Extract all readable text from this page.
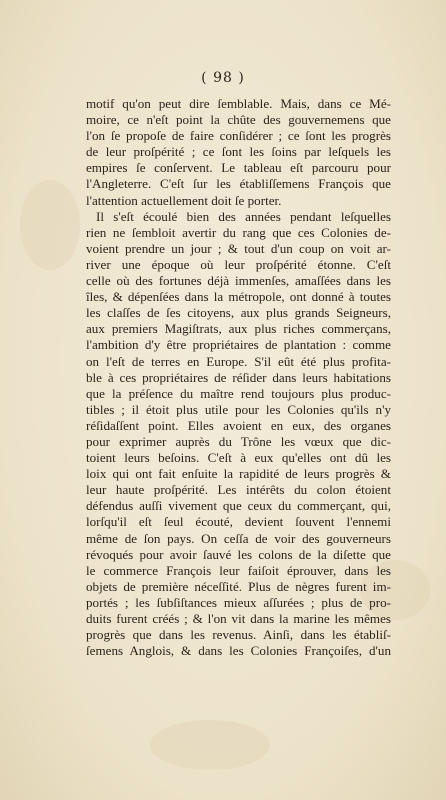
( 98 )
motif qu'on peut dire ſemblable. Mais, dans ce Mé-
moire, ce n'eſt point la chûte des gouvernemens que
l'on ſe propoſe de faire conſidérer ; ce ſont les progrès
de leur proſpérité ; ce ſont les ſoins par leſquels les
empires ſe conſervent. Le tableau eſt parcouru pour
l'Angleterre. C'eſt ſur les établiſſemens François que
l'attention actuellement doit ſe porter.
Il s'eſt écoulé bien des années pendant leſquelles
rien ne ſembloit avertir du rang que ces Colonies de-
voient prendre un jour ; & tout d'un coup on voit ar-
river une époque où leur proſpérité étonne. C'eſt
celle où des fortunes déjà immenſes, amaſſées dans les
îles, & dépenſées dans la métropole, ont donné à toutes
les claſſes de ſes citoyens, aux plus grands Seigneurs,
aux premiers Magiſtrats, aux plus riches commerçans,
l'ambition d'y être propriétaires de plantation : comme
on l'eſt de terres en Europe. S'il eût été plus profita-
ble à ces propriétaires de réſider dans leurs habitations
que la préſence du maître rend toujours plus produc-
tibles ; il étoit plus utile pour les Colonies qu'ils n'y
réſidaſſent point. Elles avoient en eux, des organes
pour exprimer auprès du Trône les vœux que dic-
toient leurs beſoins. C'eſt à eux qu'elles ont dû les
loix qui ont fait enſuite la rapidité de leurs progrès &
leur haute proſpérité. Les intérêts du colon étoient
défendus auſſi vivement que ceux du commerçant, qui,
lorſqu'il eſt ſeul écouté, devient ſouvent l'ennemi
même de ſon pays. On ceſſa de voir des gouverneurs
révoqués pour avoir ſauvé les colons de la diſette que
le commerce François leur faiſoit éprouver, dans les
objets de première néceſſité. Plus de nègres furent im-
portés ; les ſubſiſtances mieux aſſurées ; plus de pro-
duits furent créés ; & l'on vit dans la marine les mêmes
progrès que dans les revenus. Ainſi, dans les établiſ-
ſemens Anglois, & dans les Colonies Françoiſes, d'un
